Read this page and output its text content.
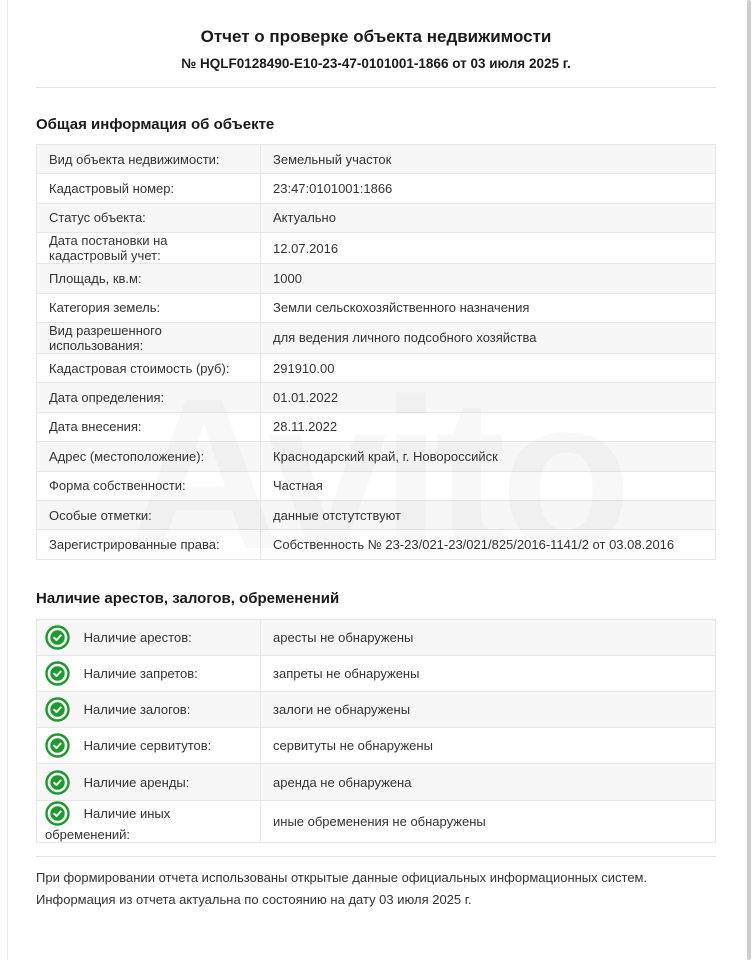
Отчет о проверке объекта недвижимости
№ HQLF0128490-E10-23-47-0101001-1866 от 03 июля 2025 г.
Общая информация об объекте
Вид объекта недвижимости:	Земельный участок
Кадастровый номер:	23:47:0101001:1866
Статус объекта:	Актуально
Дата постановки на кадастровый учет:	12.07.2016
Площадь, кв.м:	1000
Категория земель:	Земли сельскохозяйственного назначения
Вид разрешенного использования:	для ведения личного подсобного хозяйства
Кадастровая стоимость (руб):	291910.00
Дата определения:	01.01.2022
Дата внесения:	28.11.2022
Адрес (местоположение):	Краснодарский край, г. Новороссийск
Форма собственности:	Частная
Особые отметки:	данные отстутствуют
Зарегистрированные права:	Собственность № 23-23/021-23/021/825/2016-1141/2 от 03.08.2016
Наличие арестов, залогов, обременений
Наличие арестов:	аресты не обнаружены

Наличие запретов:	запреты не обнаружены

Наличие залогов:	залоги не обнаружены

Наличие сервитутов:	сервитуты не обнаружены

Наличие аренды:	аренда не обнаружена

Наличие иных обременений:	иные обременения не обнаружены
При формировании отчета использованы открытые данные официальных информационных систем.
Информация из отчета актуальна по состоянию на дату 03 июля 2025 г.
